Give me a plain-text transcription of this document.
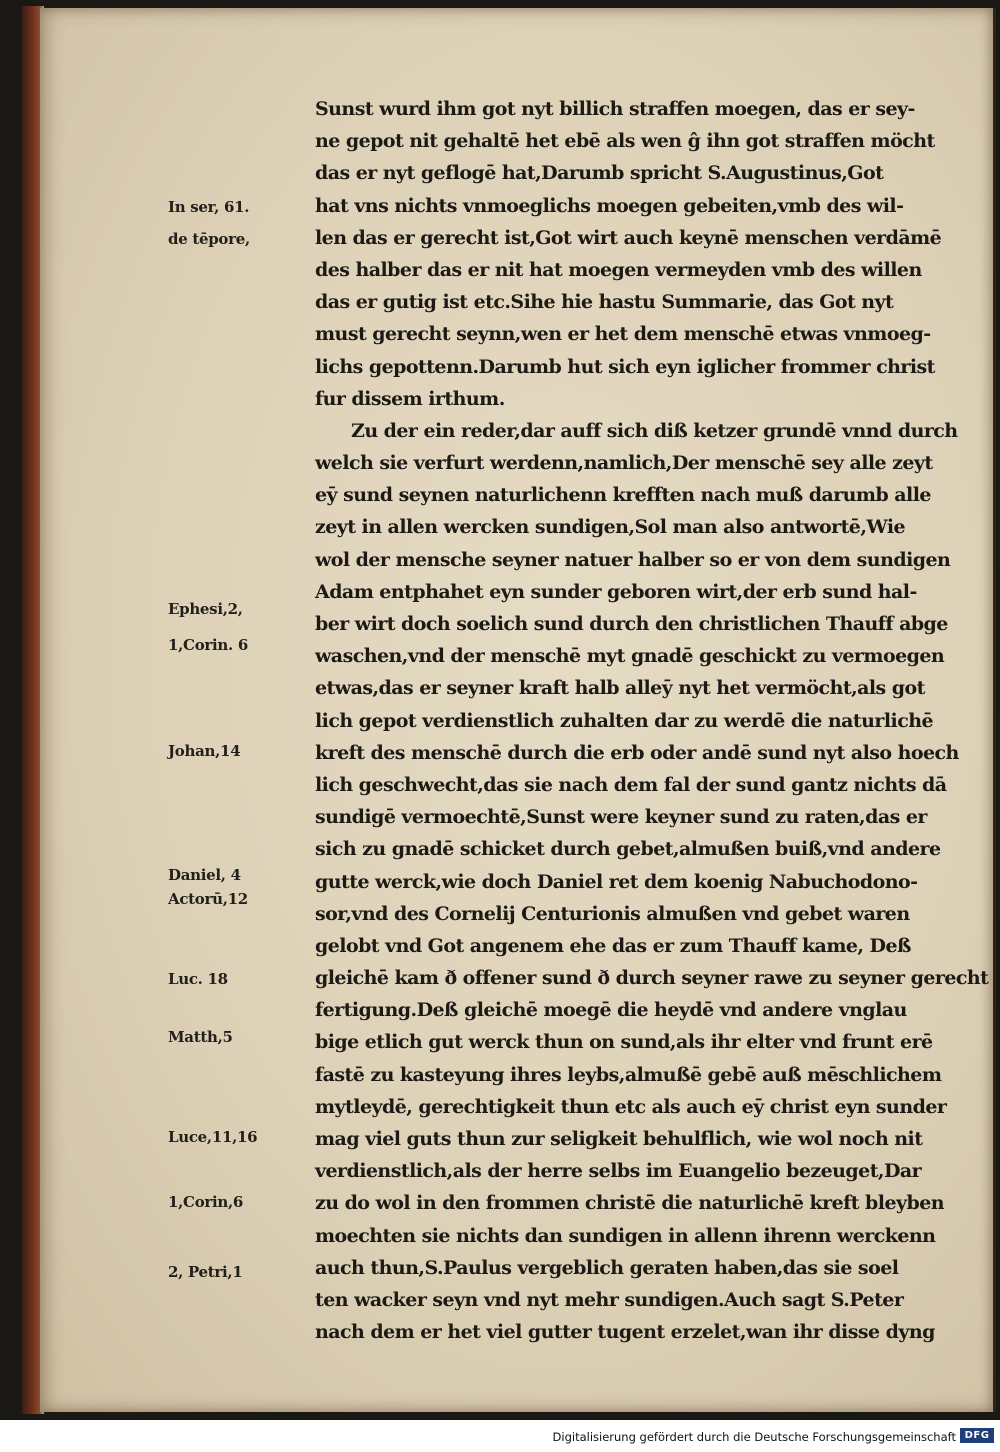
Sunst wurd ihm got nyt billich straffen moegen, das er sey‑
ne gepot nit gehaltē het ebē als wen ĝ ihn got straffen möcht
das er nyt geflogē hat,Darumb spricht S.Augustinus,Got
hat vns nichts vnmoeglichs moegen gebeiten,vmb des wil‑
len das er gerecht ist,Got wirt auch keynē menschen verdāmē
des halber das er nit hat moegen vermeyden vmb des willen
das er gutig ist etc.Sihe hie hastu Summarie, das Got nyt
must gerecht seynn,wen er het dem menschē etwas vnmoeg‑
lichs gepottenn.Darumb hut sich eyn iglicher frommer christ
fur dissem irthum.
Zu der ein reder,dar auff sich diß ketzer grundē vnnd durch
welch sie verfurt werdenn,namlich,Der menschē sey alle zeyt
eȳ sund seynen naturlichenn krefften nach muß darumb alle
zeyt in allen wercken sundigen,Sol man also antwortē,Wie
wol der mensche seyner natuer halber so er von dem sundigen
Adam entphahet eyn sunder geboren wirt,der erb sund hal‑
ber wirt doch soelich sund durch den christlichen Thauff abge
waschen,vnd der menschē myt gnadē geschickt zu vermoegen
etwas,das er seyner kraft halb alleȳ nyt het vermöcht,als got
lich gepot verdienstlich zuhalten dar zu werdē die naturlichē
kreft des menschē durch die erb oder andē sund nyt also hoech
lich geschwecht,das sie nach dem fal der sund gantz nichts dā
sundigē vermoechtē,Sunst were keyner sund zu raten,das er
sich zu gnadē schicket durch gebet,almußen buiß,vnd andere
gutte werck,wie doch Daniel ret dem koenig Nabuchodono‑
sor,vnd des Cornelij Centurionis almußen vnd gebet waren
gelobt vnd Got angenem ehe das er zum Thauff kame, Deß
gleichē kam ð offener sund ð durch seyner rawe zu seyner gerecht
fertigung.Deß gleichē moegē die heydē vnd andere vnglau
bige etlich gut werck thun on sund,als ihr elter vnd frunt erē
fastē zu kasteyung ihres leybs,almußē gebē auß mēschlichem
mytleydē, gerechtigkeit thun etc als auch eȳ christ eyn sunder
mag viel guts thun zur seligkeit behulflich, wie wol noch nit
verdienstlich,als der herre selbs im Euangelio bezeuget,Dar
zu do wol in den frommen christē die naturlichē kreft bleyben
moechten sie nichts dan sundigen in allenn ihrenn werckenn
auch thun,S.Paulus vergeblich geraten haben,das sie soel
ten wacker seyn vnd nyt mehr sundigen.Auch sagt S.Peter
nach dem er het viel gutter tugent erzelet,wan ihr disse dyng
In ser, 61.
de tēpore,
Ephesi,2,
1,Corin. 6
Johan,14
Daniel, 4
Actorū,12
Luc. 18
Matth,5
Luce,11,16
1,Corin,6
2, Petri,1
Digitalisierung gefördert durch die Deutsche Forschungsgemeinschaft DFG
